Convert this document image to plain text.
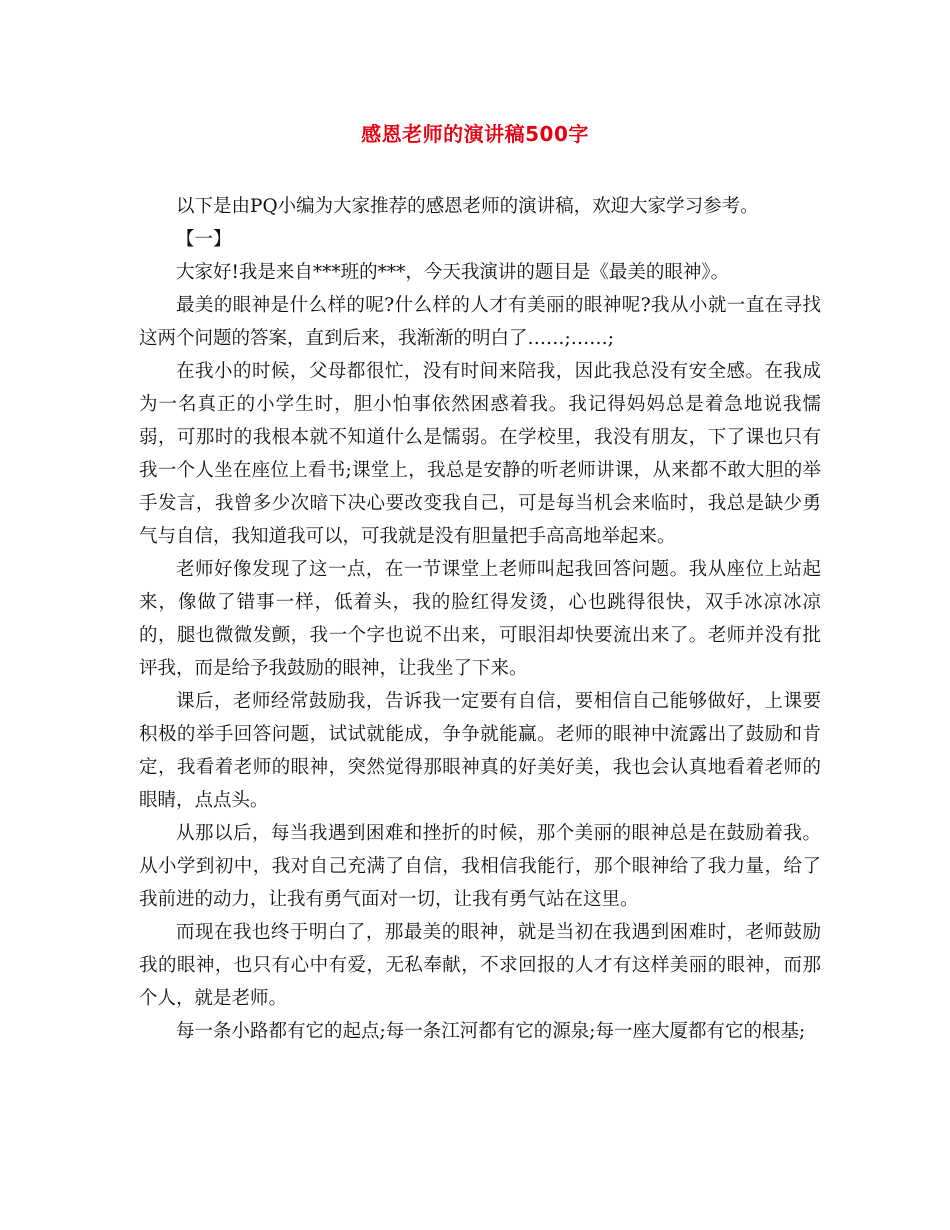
感恩老师的演讲稿500字

以下是由PQ小编为大家推荐的感恩老师的演讲稿，欢迎大家学习参考。

【一】

大家好!我是来自***班的***，今天我演讲的题目是《最美的眼神》。

最美的眼神是什么样的呢?什么样的人才有美丽的眼神呢?我从小就一直在寻找这两个问题的答案，直到后来，我渐渐的明白了……;……;

在我小的时候，父母都很忙，没有时间来陪我，因此我总没有安全感。在我成为一名真正的小学生时，胆小怕事依然困惑着我。我记得妈妈总是着急地说我懦弱，可那时的我根本就不知道什么是懦弱。在学校里，我没有朋友，下了课也只有我一个人坐在座位上看书;课堂上，我总是安静的听老师讲课，从来都不敢大胆的举手发言，我曾多少次暗下决心要改变我自己，可是每当机会来临时，我总是缺少勇气与自信，我知道我可以，可我就是没有胆量把手高高地举起来。

老师好像发现了这一点，在一节课堂上老师叫起我回答问题。我从座位上站起来，像做了错事一样，低着头，我的脸红得发烫，心也跳得很快，双手冰凉冰凉的，腿也微微发颤，我一个字也说不出来，可眼泪却快要流出来了。老师并没有批评我，而是给予我鼓励的眼神，让我坐了下来。

课后，老师经常鼓励我，告诉我一定要有自信，要相信自己能够做好，上课要积极的举手回答问题，试试就能成，争争就能赢。老师的眼神中流露出了鼓励和肯定，我看着老师的眼神，突然觉得那眼神真的好美好美，我也会认真地看着老师的眼睛，点点头。

从那以后，每当我遇到困难和挫折的时候，那个美丽的眼神总是在鼓励着我。从小学到初中，我对自己充满了自信，我相信我能行，那个眼神给了我力量，给了我前进的动力，让我有勇气面对一切，让我有勇气站在这里。

而现在我也终于明白了，那最美的眼神，就是当初在我遇到困难时，老师鼓励我的眼神，也只有心中有爱，无私奉献，不求回报的人才有这样美丽的眼神，而那个人，就是老师。

每一条小路都有它的起点;每一条江河都有它的源泉;每一座大厦都有它的根基;
